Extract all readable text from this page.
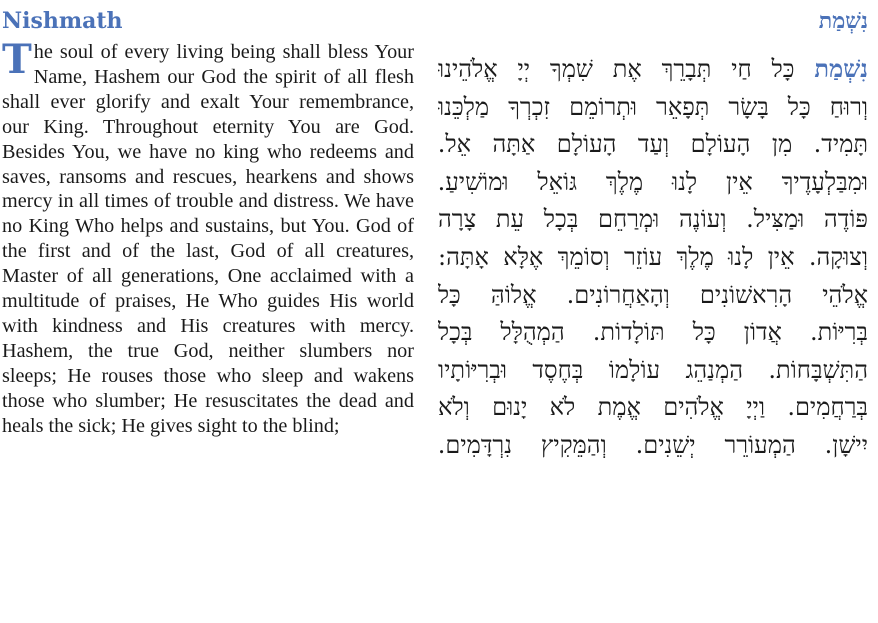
Nishmath

The soul of every living being shall bless Your Name, Hashem our God the spirit of all flesh shall ever glorify and exalt Your remembrance, our King. Throughout eternity You are God. Besides You, we have no king who redeems and saves, ransoms and rescues, hearkens and shows mercy in all times of trouble and distress. We have no King Who helps and sustains, but You. God of the first and of the last, God of all creatures, Master of all generations, One acclaimed with a multitude of praises, He Who guides His world with kindness and His creatures with mercy. Hashem, the true God, neither slumbers nor sleeps; He rouses those who sleep and wakens those who slumber; He resuscitates the dead and heals the sick; He gives sight to the blind;

נִשְׁמַת
נִשְׁמַת כָּל חַי תְּבָרֵךְ אֶת שִׁמְךָ יְיָ אֱלֹהֵינוּ
וְרוּחַ כָּל בָּשָׂר תְּפָאֵר וּתְרוֹמֵם זִכְרְךָ מַלְכֵּנוּ
תָּמִיד. מִן הָעוֹלָם וְעַד הָעוֹלָם אַתָּה אֵל.
וּמִבַּלְעָדֶיךָ אֵין לָנוּ מֶלֶךְ גּוֹאֵל וּמוֹשִׁיעַ.
פּוֹדֶה וּמַצִּיל. וְעוֹנֶה וּמְרַחֵם בְּכָל עֵת צָרָה
וְצוּקָה. אֵין לָנוּ מֶלֶךְ עוֹזֵר וְסוֹמֵךְ אֶלָּא אָתָּה:
אֱלֹהֵי הָרִאשׁוֹנִים וְהָאַחֲרוֹנִים. אֱלוֹהַּ כָּל
בְּרִיּוֹת. אֲדוֹן כָּל תּוֹלָדוֹת. הַמְהֻלָּל בְּכָל
הַתִּשְׁבָּחוֹת. הַמְנַהֵג עוֹלָמוֹ בְּחֶסֶד וּבְרִיּוֹתָיו
בְּרַחֲמִים. וַיְיָ אֱלֹהִים אֱמֶת לֹא יָנוּם וְלֹא
יִישָׁן. הַמְעוֹרֵר יְשֵׁנִים. וְהַמֵּקִיץ נִרְדָּמִים.
